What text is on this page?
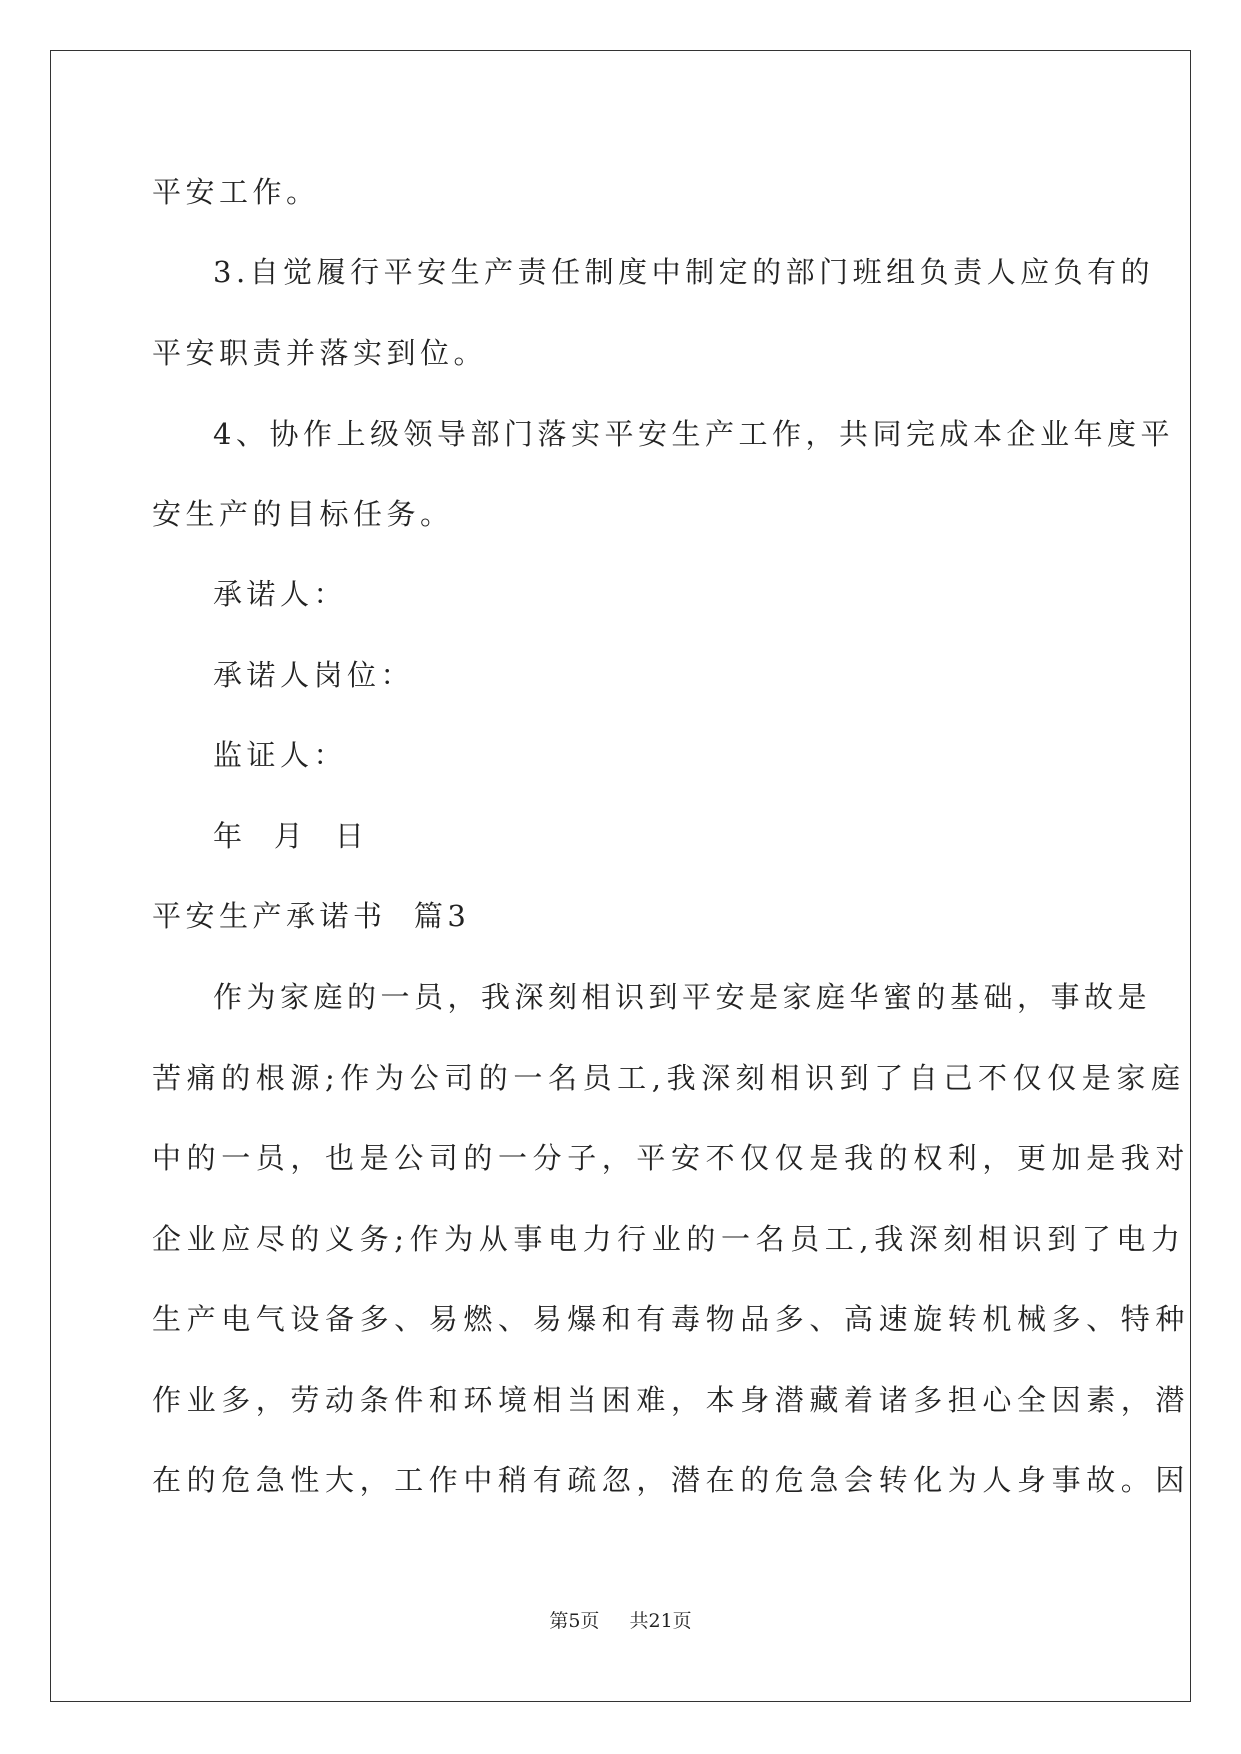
平安工作。
3.自觉履行平安生产责任制度中制定的部门班组负责人应负有的
平安职责并落实到位。
4、协作上级领导部门落实平安生产工作，共同完成本企业年度平
安生产的目标任务。
承诺人：
承诺人岗位：
监证人：
年  月  日
平安生产承诺书  篇3
作为家庭的一员，我深刻相识到平安是家庭华蜜的基础，事故是
苦痛的根源;作为公司的一名员工,我深刻相识到了自己不仅仅是家庭
中的一员，也是公司的一分子，平安不仅仅是我的权利，更加是我对
企业应尽的义务;作为从事电力行业的一名员工,我深刻相识到了电力
生产电气设备多、易燃、易爆和有毒物品多、高速旋转机械多、特种
作业多，劳动条件和环境相当困难，本身潜藏着诸多担心全因素，潜
在的危急性大，工作中稍有疏忽，潜在的危急会转化为人身事故。因
第5页 共21页
